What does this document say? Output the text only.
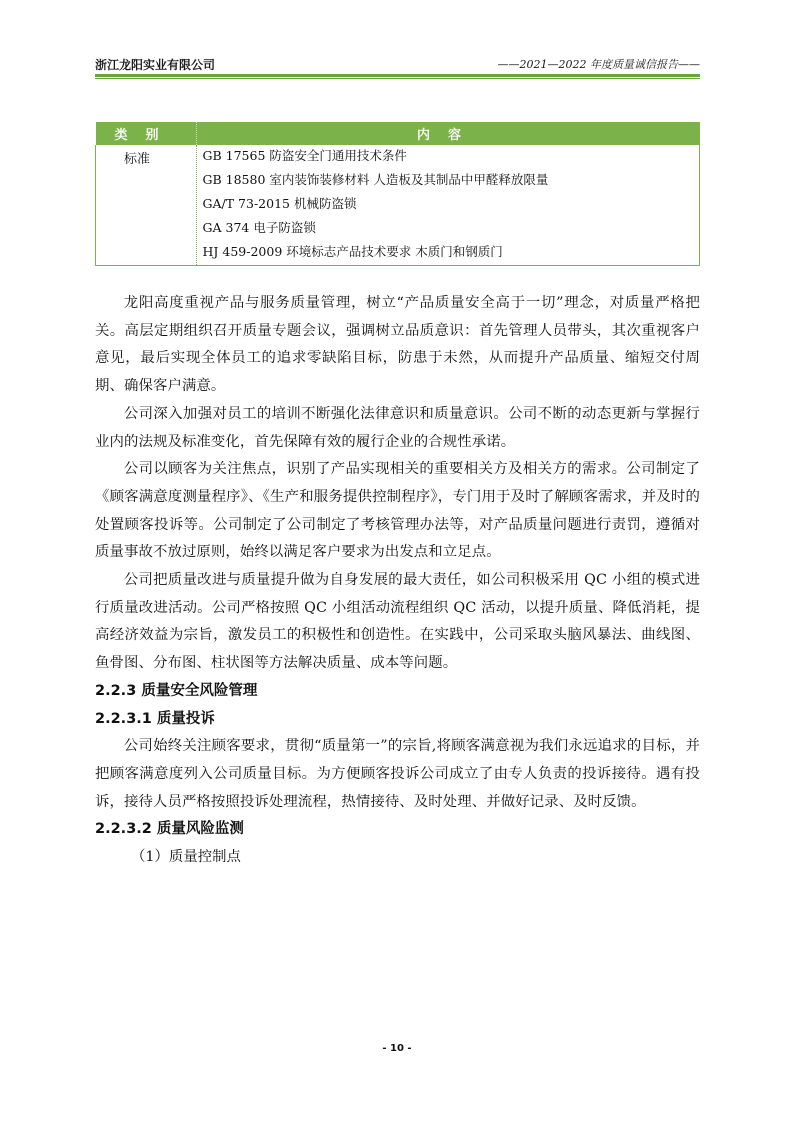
浙江龙阳实业有限公司	——2021—2022 年度质量诚信报告——
类别	内容
标准	GB 17565 防盗安全门通用技术条件
GB 18580 室内装饰装修材料 人造板及其制品中甲醛释放限量
GA/T 73-2015 机械防盗锁
GA 374 电子防盗锁
HJ 459-2009 环境标志产品技术要求 木质门和钢质门

龙阳高度重视产品与服务质量管理，树立“产品质量安全高于一切”理念，对质量严格把关。高层定期组织召开质量专题会议，强调树立品质意识：首先管理人员带头，其次重视客户意见，最后实现全体员工的追求零缺陷目标，防患于未然，从而提升产品质量、缩短交付周期、确保客户满意。

公司深入加强对员工的培训不断强化法律意识和质量意识。公司不断的动态更新与掌握行业内的法规及标准变化，首先保障有效的履行企业的合规性承诺。

公司以顾客为关注焦点，识别了产品实现相关的重要相关方及相关方的需求。公司制定了《顾客满意度测量程序》、《生产和服务提供控制程序》，专门用于及时了解顾客需求，并及时的处置顾客投诉等。公司制定了公司制定了考核管理办法等，对产品质量问题进行责罚，遵循对质量事故不放过原则，始终以满足客户要求为出发点和立足点。

公司把质量改进与质量提升做为自身发展的最大责任，如公司积极采用 QC 小组的模式进行质量改进活动。公司严格按照 QC 小组活动流程组织 QC 活动，以提升质量、降低消耗，提高经济效益为宗旨，激发员工的积极性和创造性。在实践中，公司采取头脑风暴法、曲线图、鱼骨图、分布图、柱状图等方法解决质量、成本等问题。

2.2.3 质量安全风险管理

2.2.3.1 质量投诉

公司始终关注顾客要求，贯彻“质量第一”的宗旨,将顾客满意视为我们永远追求的目标，并把顾客满意度列入公司质量目标。为方便顾客投诉公司成立了由专人负责的投诉接待。遇有投诉，接待人员严格按照投诉处理流程，热情接待、及时处理、并做好记录、及时反馈。

2.2.3.2 质量风险监测

（1）质量控制点

- 10 -
